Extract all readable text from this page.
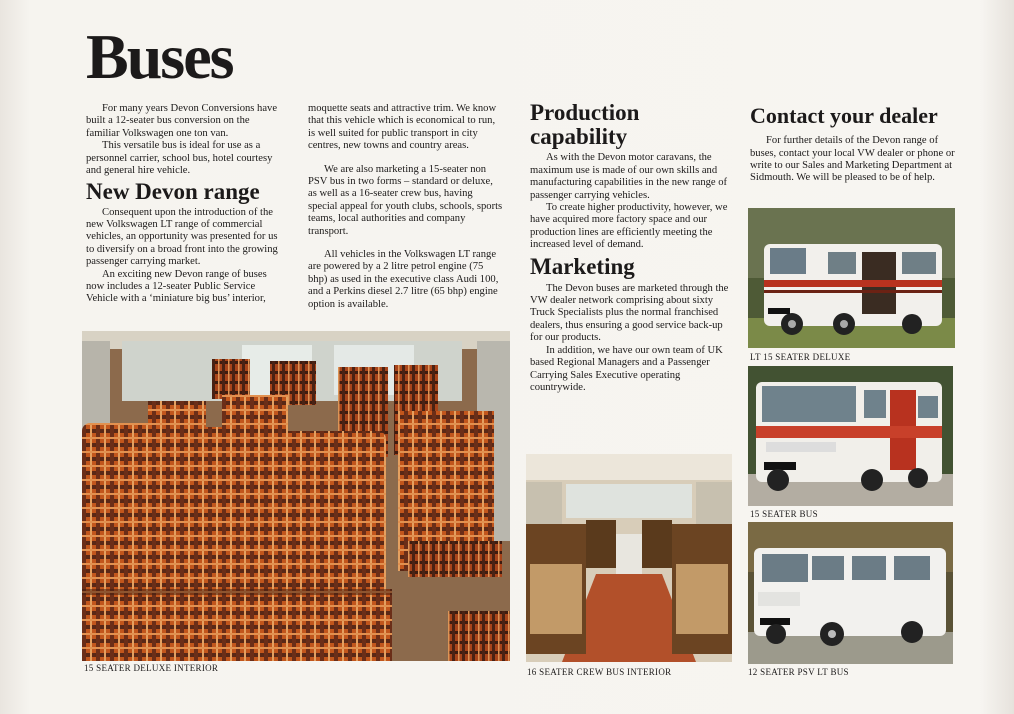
Buses

For many years Devon Conversions have built a 12-seater bus conversion on the familiar Volkswagen one ton van.

This versatile bus is ideal for use as a personnel carrier, school bus, hotel courtesy and general hire vehicle.

New Devon range

Consequent upon the introduction of the new Volkswagen LT range of commercial vehicles, an opportunity was presented for us to diversify on a broad front into the growing passenger carrying market.

An exciting new Devon range of buses now includes a 12-seater Public Service Vehicle with a ‘miniature big bus’ interior,

moquette seats and attractive trim. We know that this vehicle which is economical to run, is well suited for public transport in city centres, new towns and country areas.

We are also marketing a 15-seater non PSV bus in two forms – standard or deluxe, as well as a 16-seater crew bus, having special appeal for youth clubs, schools, sports teams, local authorities and company transport.

All vehicles in the Volkswagen LT range are powered by a 2 litre petrol engine (75 bhp) as used in the executive class Audi 100, and a Perkins diesel 2.7 litre (65 bhp) engine option is available.

Production
capability

As with the Devon motor caravans, the maximum use is made of our own skills and manufacturing capabilities in the new range of passenger carrying vehicles.

To create higher productivity, however, we have acquired more factory space and our production lines are efficiently meeting the increased level of demand.

Marketing

The Devon buses are marketed through the VW dealer network comprising about sixty Truck Specialists plus the normal franchised dealers, thus ensuring a good service back-up for our products.

In addition, we have our own team of UK based Regional Managers and a Passenger Carrying Sales Executive operating countrywide.

Contact your dealer

For further details of the Devon range of buses, contact your local VW dealer or phone or write to our Sales and Marketing Department at Sidmouth. We will be pleased to be of help.

15 SEATER DELUXE INTERIOR	16 SEATER CREW BUS INTERIOR
LT 15 SEATER DELUXE
15 SEATER BUS
12 SEATER PSV LT BUS
